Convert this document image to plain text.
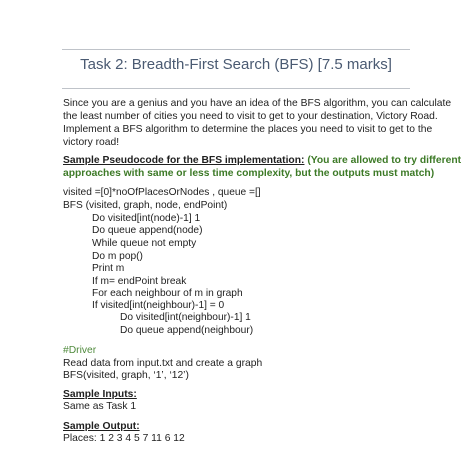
Task 2: Breadth-First Search (BFS) [7.5 marks]
Since you are a genius and you have an idea of the BFS algorithm, you can calculate
the least number of cities you need to visit to get to your destination, Victory Road.
Implement a BFS algorithm to determine the places you need to visit to get to the
victory road!
Sample Pseudocode for the BFS implementation: (You are allowed to try different
approaches with same or less time complexity, but the outputs must match)
visited =[0]*noOfPlacesOrNodes , queue =[]
BFS (visited, graph, node, endPoint)
Do visited[int(node)-1] 1
Do queue append(node)
While queue not empty
Do m pop()
Print m
If m= endPoint break
For each neighbour of m in graph
If visited[int(neighbour)-1] = 0
Do visited[int(neighbour)-1] 1
Do queue append(neighbour)
#Driver
Read data from input.txt and create a graph
BFS(visited, graph, ‘1’, ‘12’)
Sample Inputs:
Same as Task 1
Sample Output:
Places: 1 2 3 4 5 7 11 6 12
